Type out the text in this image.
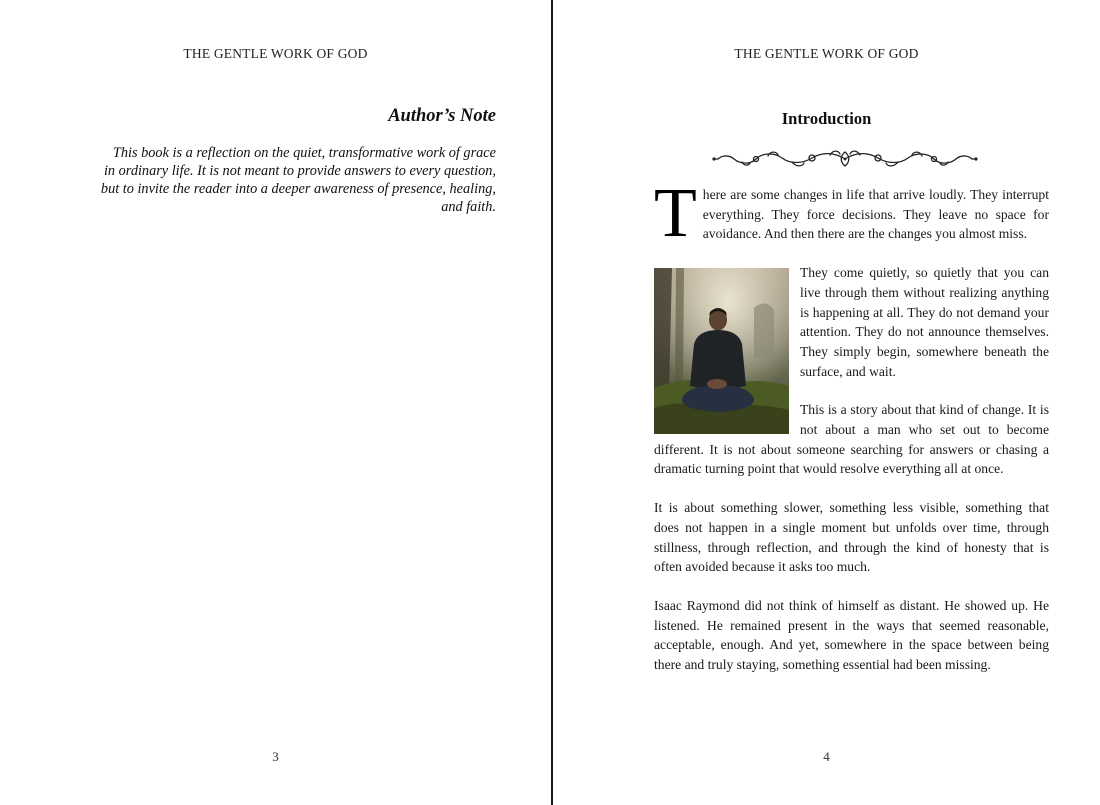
THE GENTLE WORK OF GOD
Author’s Note

This book is a reflection on the quiet, transformative work of grace in ordinary life. It is not meant to provide answers to every question, but to invite the reader into a deeper awareness of presence, healing, and faith.

3
THE GENTLE WORK OF GOD
Introduction

There are some changes in life that arrive loudly. They interrupt everything. They force decisions. They leave no space for avoidance. And then there are the changes you almost miss.

They come quietly, so quietly that you can live through them without realizing anything is happening at all. They do not demand your attention. They do not announce themselves. They simply begin, somewhere beneath the surface, and wait.

This is a story about that kind of change. It is not about a man who set out to become different. It is not about someone searching for answers or chasing a dramatic turning point that would resolve everything all at once.

It is about something slower, something less visible, something that does not happen in a single moment but unfolds over time, through stillness, through reflection, and through the kind of honesty that is often avoided because it asks too much.

Isaac Raymond did not think of himself as distant. He showed up. He listened. He remained present in the ways that seemed reasonable, acceptable, enough. And yet, somewhere in the space between being there and truly staying, something essential had been missing.

4
